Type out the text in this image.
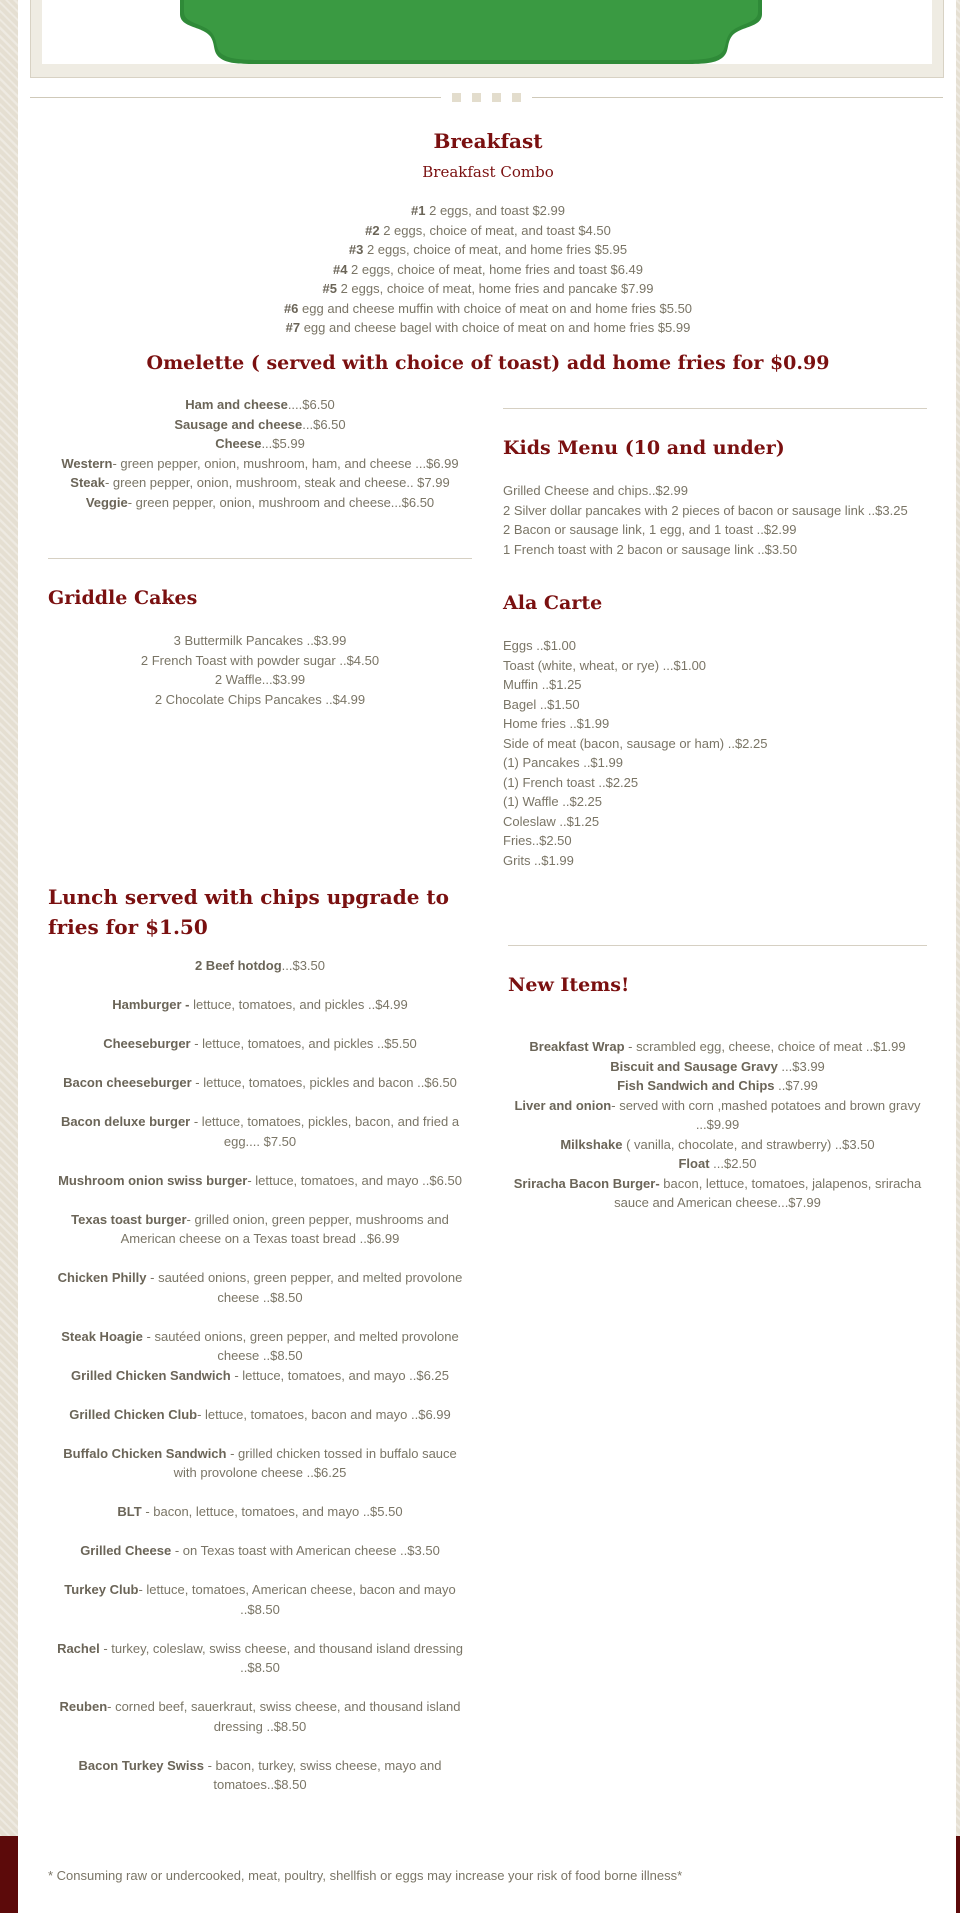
Breakfast
Breakfast Combo
#1 2 eggs, and toast $2.99
#2 2 eggs, choice of meat, and toast $4.50
#3 2 eggs, choice of meat, and home fries $5.95
#4 2 eggs, choice of meat, home fries and toast $6.49
#5 2 eggs, choice of meat, home fries and pancake $7.99
#6 egg and cheese muffin with choice of meat on and home fries $5.50
#7 egg and cheese bagel with choice of meat on and home fries $5.99
Omelette ( served with choice of toast) add home fries for $0.99
Ham and cheese....$6.50
Sausage and cheese...$6.50
Cheese...$5.99
Western- green pepper, onion, mushroom, ham, and cheese ...$6.99
Steak- green pepper, onion, mushroom, steak and cheese.. $7.99
Veggie- green pepper, onion, mushroom and cheese...$6.50
Kids Menu (10 and under)
Grilled Cheese and chips..$2.99
2 Silver dollar pancakes with 2 pieces of bacon or sausage link ..$3.25
2 Bacon or sausage link, 1 egg, and 1 toast ..$2.99
1 French toast with 2 bacon or sausage link ..$3.50
Griddle Cakes
3 Buttermilk Pancakes ..$3.99
2 French Toast with powder sugar ..$4.50
2 Waffle...$3.99
2 Chocolate Chips Pancakes ..$4.99
Ala Carte
Eggs ..$1.00
Toast (white, wheat, or rye) ...$1.00
Muffin ..$1.25
Bagel ..$1.50
Home fries ..$1.99
Side of meat (bacon, sausage or ham) ..$2.25
(1) Pancakes ..$1.99
(1) French toast ..$2.25
(1) Waffle ..$2.25
Coleslaw ..$1.25
Fries..$2.50
Grits ..$1.99
Lunch served with chips upgrade to
fries for $1.50
2 Beef hotdog...$3.50
Hamburger - lettuce, tomatoes, and pickles ..$4.99
Cheeseburger - lettuce, tomatoes, and pickles ..$5.50
Bacon cheeseburger - lettuce, tomatoes, pickles and bacon ..$6.50
Bacon deluxe burger - lettuce, tomatoes, pickles, bacon, and fried a egg.... $7.50
Mushroom onion swiss burger- lettuce, tomatoes, and mayo ..$6.50
Texas toast burger- grilled onion, green pepper, mushrooms and American cheese on a Texas toast bread ..$6.99
Chicken Philly - sautéed onions, green pepper, and melted provolone cheese ..$8.50
Steak Hoagie - sautéed onions, green pepper, and melted provolone cheese ..$8.50
Grilled Chicken Sandwich - lettuce, tomatoes, and mayo ..$6.25
Grilled Chicken Club- lettuce, tomatoes, bacon and mayo ..$6.99
Buffalo Chicken Sandwich - grilled chicken tossed in buffalo sauce with provolone cheese ..$6.25
BLT - bacon, lettuce, tomatoes, and mayo ..$5.50
Grilled Cheese - on Texas toast with American cheese ..$3.50
Turkey Club- lettuce, tomatoes, American cheese, bacon and mayo ..$8.50
Rachel - turkey, coleslaw, swiss cheese, and thousand island dressing ..$8.50
Reuben- corned beef, sauerkraut, swiss cheese, and thousand island dressing ..$8.50
Bacon Turkey Swiss - bacon, turkey, swiss cheese, mayo and tomatoes..$8.50
New Items!
Breakfast Wrap - scrambled egg, cheese, choice of meat ..$1.99
Biscuit and Sausage Gravy ...$3.99
Fish Sandwich and Chips ..$7.99
Liver and onion- served with corn ,mashed potatoes and brown gravy ...$9.99
Milkshake ( vanilla, chocolate, and strawberry) ..$3.50
Float ...$2.50
Sriracha Bacon Burger- bacon, lettuce, tomatoes, jalapenos, sriracha sauce and American cheese...$7.99
* Consuming raw or undercooked, meat, poultry, shellfish or eggs may increase your risk of food borne illness*
